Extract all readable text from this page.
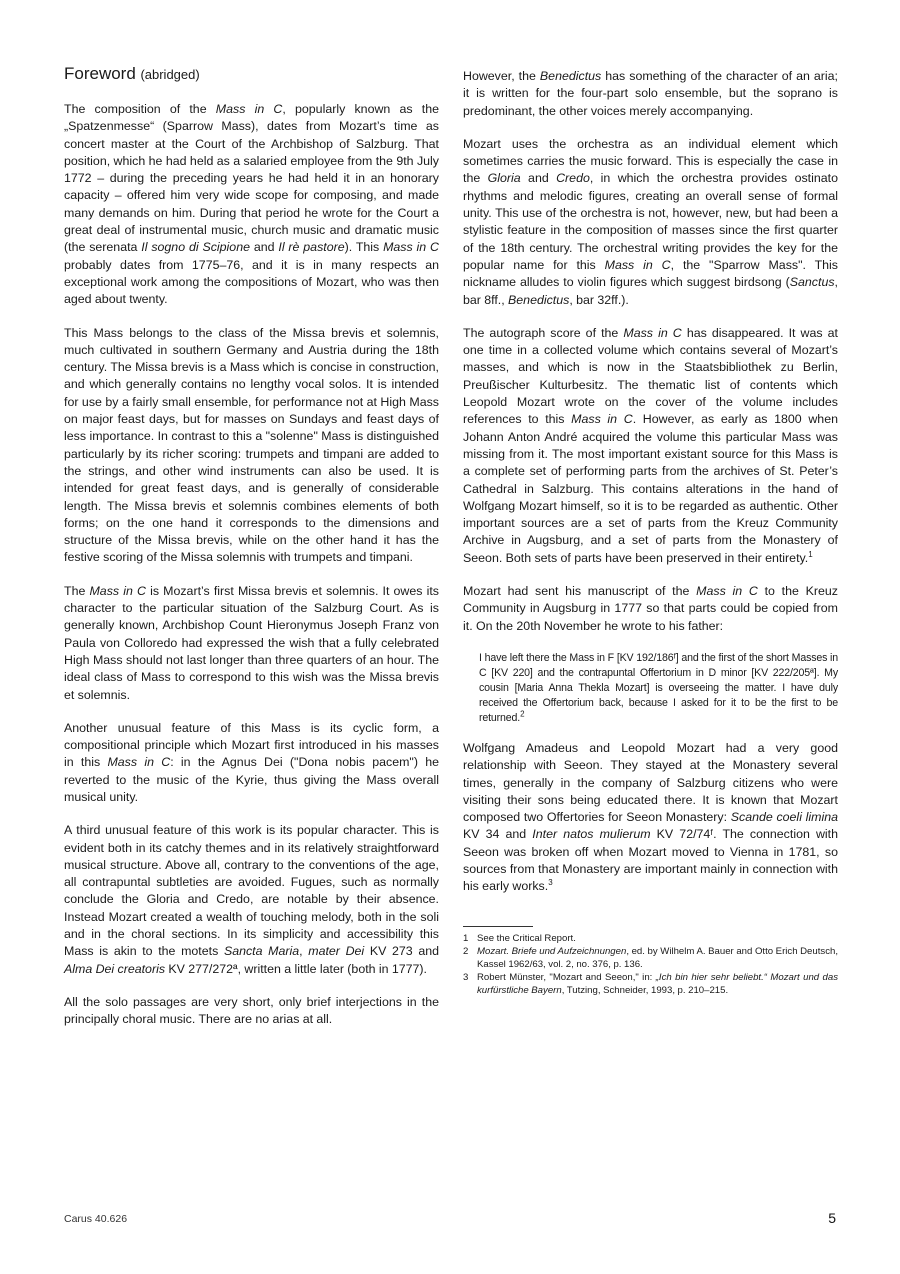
Foreword (abridged)

The composition of the Mass in C, popularly known as the „Spatzenmesse“ (Sparrow Mass), dates from Mozart’s time as concert master at the Court of the Archbishop of Salzburg. That position, which he had held as a salaried employee from the 9th July 1772 – during the preceding years he had held it in an honorary capacity – offered him very wide scope for composing, and made many demands on him. During that period he wrote for the Court a great deal of instrumental music, church music and dramatic music (the serenata Il sogno di Scipione and Il rè pastore). This Mass in C probably dates from 1775–76, and it is in many respects an exceptional work among the compositions of Mozart, who was then aged about twenty.

This Mass belongs to the class of the Missa brevis et solemnis, much cultivated in southern Germany and Austria during the 18th century. The Missa brevis is a Mass which is concise in construction, and which generally contains no lengthy vocal solos. It is intended for use by a fairly small ensemble, for performance not at High Mass on major feast days, but for masses on Sundays and feast days of less importance. In contrast to this a "solenne" Mass is distinguished particularly by its richer scoring: trumpets and timpani are added to the strings, and other wind instruments can also be used. It is intended for great feast days, and is generally of considerable length. The Missa brevis et solemnis combines elements of both forms; on the one hand it corresponds to the dimensions and structure of the Missa brevis, while on the other hand it has the festive scoring of the Missa solemnis with trumpets and timpani.

The Mass in C is Mozart’s first Missa brevis et solemnis. It owes its character to the particular situation of the Salzburg Court. As is generally known, Archbishop Count Hieronymus Joseph Franz von Paula von Colloredo had expressed the wish that a fully celebrated High Mass should not last longer than three quarters of an hour. The ideal class of Mass to correspond to this wish was the Missa brevis et solemnis.

Another unusual feature of this Mass is its cyclic form, a compositional principle which Mozart first introduced in his masses in this Mass in C: in the Agnus Dei ("Dona nobis pacem") he reverted to the music of the Kyrie, thus giving the Mass overall musical unity.

A third unusual feature of this work is its popular character. This is evident both in its catchy themes and in its relatively straightforward musical structure. Above all, contrary to the conventions of the age, all contrapuntal subtleties are avoided. Fugues, such as normally conclude the Gloria and Credo, are notable by their absence. Instead Mozart created a wealth of touching melody, both in the soli and in the choral sections. In its simplicity and accessibility this Mass is akin to the motets Sancta Maria, mater Dei KV 273 and Alma Dei creatoris KV 277/272ª, written a little later (both in 1777).

All the solo passages are very short, only brief interjections in the principally choral music. There are no arias at all.

However, the Benedictus has something of the character of an aria; it is written for the four-part solo ensemble, but the soprano is predominant, the other voices merely accompanying.

Mozart uses the orchestra as an individual element which sometimes carries the music forward. This is especially the case in the Gloria and Credo, in which the orchestra provides ostinato rhythms and melodic figures, creating an overall sense of formal unity. This use of the orchestra is not, however, new, but had been a stylistic feature in the composition of masses since the first quarter of the 18th century. The orchestral writing provides the key for the popular name for this Mass in C, the "Sparrow Mass". This nickname alludes to violin figures which suggest birdsong (Sanctus, bar 8ff., Benedictus, bar 32ff.).

The autograph score of the Mass in C has disappeared. It was at one time in a collected volume which contains several of Mozart’s masses, and which is now in the Staatsbibliothek zu Berlin, Preußischer Kulturbesitz. The thematic list of contents which Leopold Mozart wrote on the cover of the volume includes references to this Mass in C. However, as early as 1800 when Johann Anton André acquired the volume this particular Mass was missing from it. The most important existant source for this Mass is a complete set of performing parts from the archives of St. Peter’s Cathedral in Salzburg. This contains alterations in the hand of Wolfgang Mozart himself, so it is to be regarded as authentic. Other important sources are a set of parts from the Kreuz Community Archive in Augsburg, and a set of parts from the Monastery of Seeon. Both sets of parts have been preserved in their entirety.$^1$

Mozart had sent his manuscript of the Mass in C to the Kreuz Community in Augsburg in 1777 so that parts could be copied from it. On the 20th November he wrote to his father:

I have left there the Mass in F [KV 192/186ᶠ] and the first of the short Masses in C [KV 220] and the contrapuntal Offertorium in D minor [KV 222/205ª]. My cousin [Maria Anna Thekla Mozart] is overseeing the matter. I have duly received the Offertorium back, because I asked for it to be the first to be returned.$^2$

Wolfgang Amadeus and Leopold Mozart had a very good relationship with Seeon. They stayed at the Monastery several times, generally in the company of Salzburg citizens who were visiting their sons being educated there. It is known that Mozart composed two Offertories for Seeon Monastery: Scande coeli limina KV 34 and Inter natos mulierum KV 72/74ᶠ. The connection with Seeon was broken off when Mozart moved to Vienna in 1781, so sources from that Monastery are important mainly in connection with his early works.$^3$

1 See the Critical Report.
2 Mozart. Briefe und Aufzeichnungen, ed. by Wilhelm A. Bauer and Otto Erich Deutsch, Kassel 1962/63, vol. 2, no. 376, p. 136.
3 Robert Münster, "Mozart and Seeon," in: „Ich bin hier sehr beliebt.“ Mozart und das kurfürstliche Bayern, Tutzing, Schneider, 1993, p. 210–215.
Carus 40.626	5
